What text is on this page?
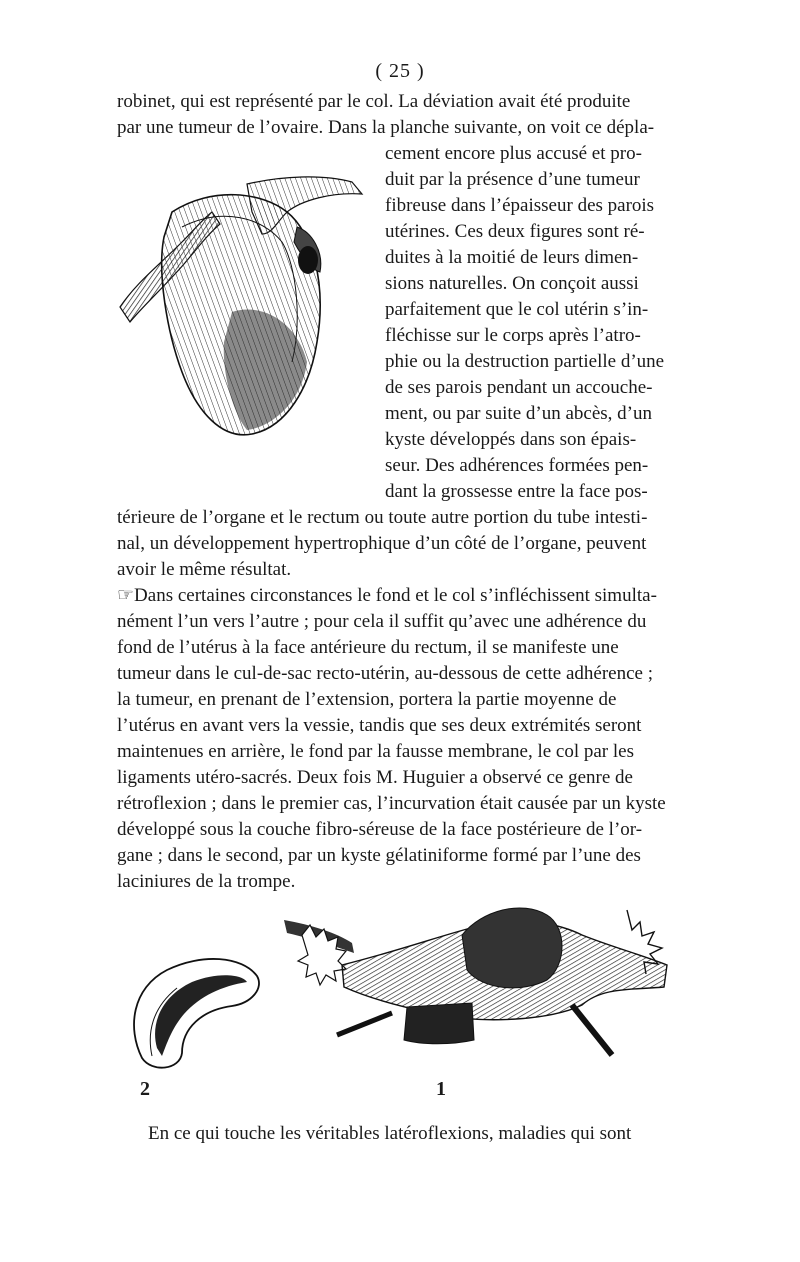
( 25 )
robinet, qui est représenté par le col. La déviation avait été produite
par une tumeur de l’ovaire. Dans la planche suivante, on voit ce dépla-
cement encore plus accusé et pro-
duit par la présence d’une tumeur
fibreuse dans l’épaisseur des parois
utérines. Ces deux figures sont ré-
duites à la moitié de leurs dimen-
sions naturelles. On conçoit aussi
parfaitement que le col utérin s’in-
fléchisse sur le corps après l’atro-
phie ou la destruction partielle d’une
de ses parois pendant un accouche-
ment, ou par suite d’un abcès, d’un
kyste développés dans son épais-
seur. Des adhérences formées pen-
dant la grossesse entre la face pos-
térieure de l’organe et le rectum ou toute autre portion du tube intesti-
nal, un développement hypertrophique d’un côté de l’organe, peuvent
avoir le même résultat.
☞Dans certaines circonstances le fond et le col s’infléchissent simulta-
nément l’un vers l’autre ; pour cela il suffit qu’avec une adhérence du
fond de l’utérus à la face antérieure du rectum, il se manifeste une
tumeur dans le cul-de-sac recto-utérin, au-dessous de cette adhérence ;
la tumeur, en prenant de l’extension, portera la partie moyenne de
l’utérus en avant vers la vessie, tandis que ses deux extrémités seront
maintenues en arrière, le fond par la fausse membrane, le col par les
ligaments utéro-sacrés. Deux fois M. Huguier a observé ce genre de
rétroflexion ; dans le premier cas, l’incurvation était causée par un kyste
développé sous la couche fibro-séreuse de la face postérieure de l’or-
gane ; dans le second, par un kyste gélatiniforme formé par l’une des
laciniures de la trompe.
2	1
En ce qui touche les véritables latéroflexions, maladies qui sont
